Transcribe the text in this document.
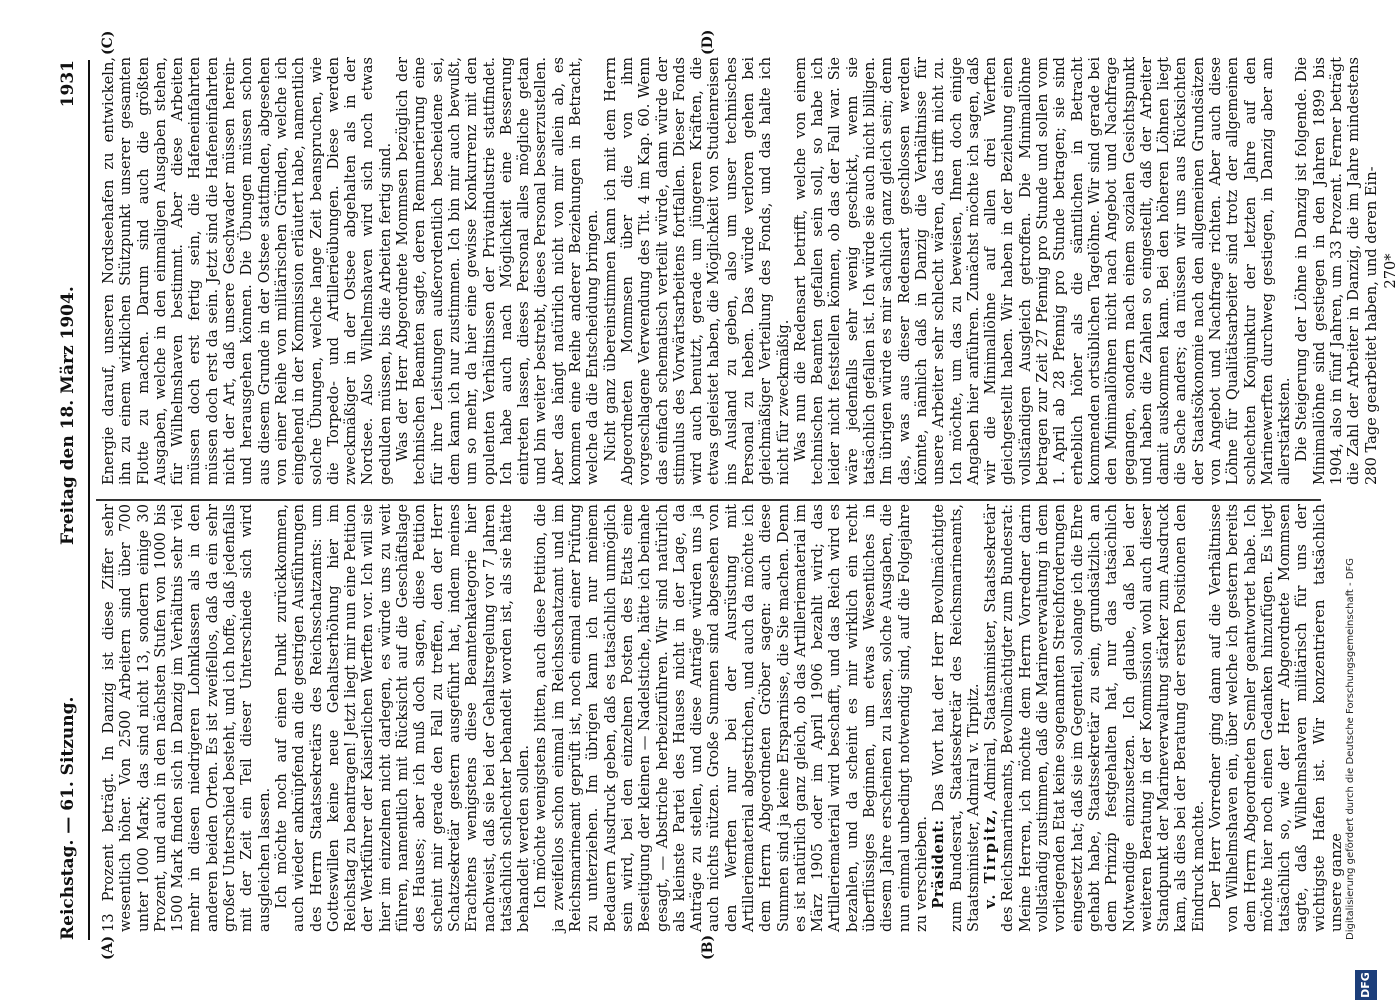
Reichstag. — 61. Sitzung.
Freitag den 18. März 1904.
1931
(A)	(B)
(C)	(D)

13 Prozent beträgt. In Danzig ist diese Ziffer sehr wesentlich höher. Von 2500 Arbeitern sind über 700 unter 1000 Mark; das sind nicht 13, sondern einige 30 Prozent, und auch in den nächsten Stufen von 1000 bis 1500 Mark finden sich in Danzig im Verhältnis sehr viel mehr in diesen niedrigeren Lohnklassen als in den anderen beiden Orten. Es ist zweifellos, daß da ein sehr großer Unterschied besteht, und ich hoffe, daß jedenfalls mit der Zeit ein Teil dieser Unterschiede sich wird ausgleichen lassen. Ich möchte noch auf einen Punkt zurückkommen, auch wieder anknüpfend an die gestrigen Ausführungen des Herrn Staatssekretärs des Reichsschatzamts: um Gotteswillen keine neue Gehaltserhöhung hier im Reichstag zu beantragen! Jetzt liegt mir nun eine Petition der Werkführer der Kaiserlichen Werften vor. Ich will sie hier im einzelnen nicht darlegen, es würde uns zu weit führen, namentlich mit Rücksicht auf die Geschäftslage des Hauses; aber ich muß doch sagen, diese Petition scheint mir gerade den Fall zu treffen, den der Herr Schatzsekretär gestern ausgeführt hat, indem meines Erachtens wenigstens diese Beamtenkategorie hier nachweist, daß sie bei der Gehaltsregelung vor 7 Jahren tatsächlich schlechter behandelt worden ist, als sie hätte behandelt werden sollen. Ich möchte wenigstens bitten, auch diese Petition, die ja zweifellos schon einmal im Reichsschatzamt und im Reichsmarineamt geprüft ist, noch einmal einer Prüfung zu unterziehen. Im übrigen kann ich nur meinem Bedauern Ausdruck geben, daß es tatsächlich unmöglich sein wird, bei den einzelnen Posten des Etats eine Beseitigung der kleinen — Nadelstiche, hätte ich beinahe gesagt, — Abstriche herbeizuführen. Wir sind natürlich als kleinste Partei des Hauses nicht in der Lage, da Anträge zu stellen, und diese Anträge würden uns ja auch nichts nützen. Große Summen sind abgesehen von den Werften nur bei der Ausrüstung mit Artilleriematerial abgestrichen, und auch da möchte ich dem Herrn Abgeordneten Gröber sagen: auch diese Summen sind ja keine Ersparnisse, die Sie machen. Denn es ist natürlich ganz gleich, ob das Artilleriematerial im März 1905 oder im April 1906 bezahlt wird; das Artilleriematerial wird beschafft, und das Reich wird es bezahlen, und da scheint es mir wirklich ein recht überflüssiges Beginnen, um etwas Wesentliches in diesem Jahre erscheinen zu lassen, solche Ausgaben, die nun einmal unbedingt notwendig sind, auf die Folgejahre zu verschieben. Präsident: Das Wort hat der Herr Bevollmächtigte zum Bundesrat, Staatssekretär des Reichsmarineamts, Staatsminister, Admiral v. Tirpitz. v. Tirpitz, Admiral, Staatsminister, Staatssekretär des Reichsmarineamts, Bevollmächtigter zum Bundesrat: Meine Herren, ich möchte dem Herrn Vorredner darin vollständig zustimmen, daß die Marineverwaltung in dem vorliegenden Etat keine sogenannten Streichforderungen eingesetzt hat; daß sie im Gegenteil, solange ich die Ehre gehabt habe, Staatssekretär zu sein, grundsätzlich an dem Prinzip festgehalten hat, nur das tatsächlich Notwendige einzusetzen. Ich glaube, daß bei der weiteren Beratung in der Kommission wohl auch dieser Standpunkt der Marineverwaltung stärker zum Ausdruck kam, als dies bei der Beratung der ersten Positionen den Eindruck machte. Der Herr Vorredner ging dann auf die Verhältnisse von Wilhelmshaven ein, über welche ich gestern bereits dem Herrn Abgeordneten Semler geantwortet habe. Ich möchte hier noch einen Gedanken hinzufügen. Es liegt tatsächlich so, wie der Herr Abgeordnete Mommsen sagte, daß Wilhelmshaven militärisch für uns der wichtigste Hafen ist. Wir konzentrieren tatsächlich unsere ganze

Energie darauf, unseren Nordseehafen zu entwickeln, ihn zu einem wirklichen Stützpunkt unserer gesamten Flotte zu machen. Darum sind auch die größten Ausgaben, welche in den einmaligen Ausgaben stehen, für Wilhelmshaven bestimmt. Aber diese Arbeiten müssen doch erst fertig sein, die Hafeneinfahrten müssen doch erst da sein. Jetzt sind die Hafeneinfahrten nicht der Art, daß unsere Geschwader müssen herein- und herausgehen können. Die Übungen müssen schon aus diesem Grunde in der Ostsee stattfinden, abgesehen von einer Reihe von militärischen Gründen, welche ich eingehend in der Kommission erläutert habe, namentlich solche Übungen, welche lange Zeit beanspruchen, wie die Torpedo- und Artillerieübungen. Diese werden zweckmäßiger in der Ostsee abgehalten als in der Nordsee. Also Wilhelmshaven wird sich noch etwas gedulden müssen, bis die Arbeiten fertig sind. Was der Herr Abgeordnete Mommsen bezüglich der technischen Beamten sagte, deren Remunerierung eine für ihre Leistungen außerordentlich bescheidene sei, dem kann ich nur zustimmen. Ich bin mir auch bewußt, um so mehr, da hier eine gewisse Konkurrenz mit den opulenten Verhältnissen der Privatindustrie stattfindet. Ich habe auch nach Möglichkeit eine Besserung eintreten lassen, dieses Personal alles mögliche getan und bin weiter bestrebt, dieses Personal besserzustellen. Aber das hängt natürlich nicht von mir allein ab, es kommen eine Reihe anderer Beziehungen in Betracht, welche da die Entscheidung bringen. Nicht ganz übereinstimmen kann ich mit dem Herrn Abgeordneten Mommsen über die von ihm vorgeschlagene Verwendung des Tit. 4 im Kap. 60. Wenn das einfach schematisch verteilt würde, dann würde der stimulus des Vorwärtsarbeitens fortfallen. Dieser Fonds wird auch benutzt, gerade um jüngeren Kräften, die etwas geleistet haben, die Möglichkeit von Studienreisen ins Ausland zu geben, also um unser technisches Personal zu heben. Das würde verloren gehen bei gleichmäßiger Verteilung des Fonds, und das halte ich nicht für zweckmäßig. Was nun die Redensart betrifft, welche von einem technischen Beamten gefallen sein soll, so habe ich leider nicht feststellen können, ob das der Fall war. Sie wäre jedenfalls sehr wenig geschickt, wenn sie tatsächlich gefallen ist. Ich würde sie auch nicht billigen. Im übrigen würde es mir sachlich ganz gleich sein; denn das, was aus dieser Redensart geschlossen werden könnte, nämlich daß in Danzig die Verhältnisse für unsere Arbeiter sehr schlecht wären, das trifft nicht zu. Ich möchte, um das zu beweisen, Ihnen doch einige Angaben hier anführen. Zunächst möchte ich sagen, daß wir die Minimallöhne auf allen drei Werften gleichgestellt haben. Wir haben in der Beziehung einen vollständigen Ausgleich getroffen. Die Minimallöhne betragen zur Zeit 27 Pfennig pro Stunde und sollen vom 1. April ab 28 Pfennig pro Stunde betragen; sie sind erheblich höher als die sämtlichen in Betracht kommenden ortsüblichen Tagelöhne. Wir sind gerade bei den Minimallöhnen nicht nach Angebot und Nachfrage gegangen, sondern nach einem sozialen Gesichtspunkt und haben die Zahlen so eingestellt, daß der Arbeiter damit auskommen kann. Bei den höheren Löhnen liegt die Sache anders; da müssen wir uns aus Rücksichten der Staatsökonomie nach den allgemeinen Grundsätzen von Angebot und Nachfrage richten. Aber auch diese Löhne für Qualitätsarbeiter sind trotz der allgemeinen schlechten Konjunktur der letzten Jahre auf den Marinewerften durchweg gestiegen, in Danzig aber am allerstärksten. Die Steigerung der Löhne in Danzig ist folgende. Die Minimallöhne sind gestiegen in den Jahren 1899 bis 1904, also in fünf Jahren, um 33 Prozent. Ferner beträgt die Zahl der Arbeiter in Danzig, die im Jahre mindestens 280 Tage gearbeitet haben, und deren Ein- 270*

Digitalisierung gefördert durch die Deutsche Forschungsgemeinschaft - DFG
DFG
